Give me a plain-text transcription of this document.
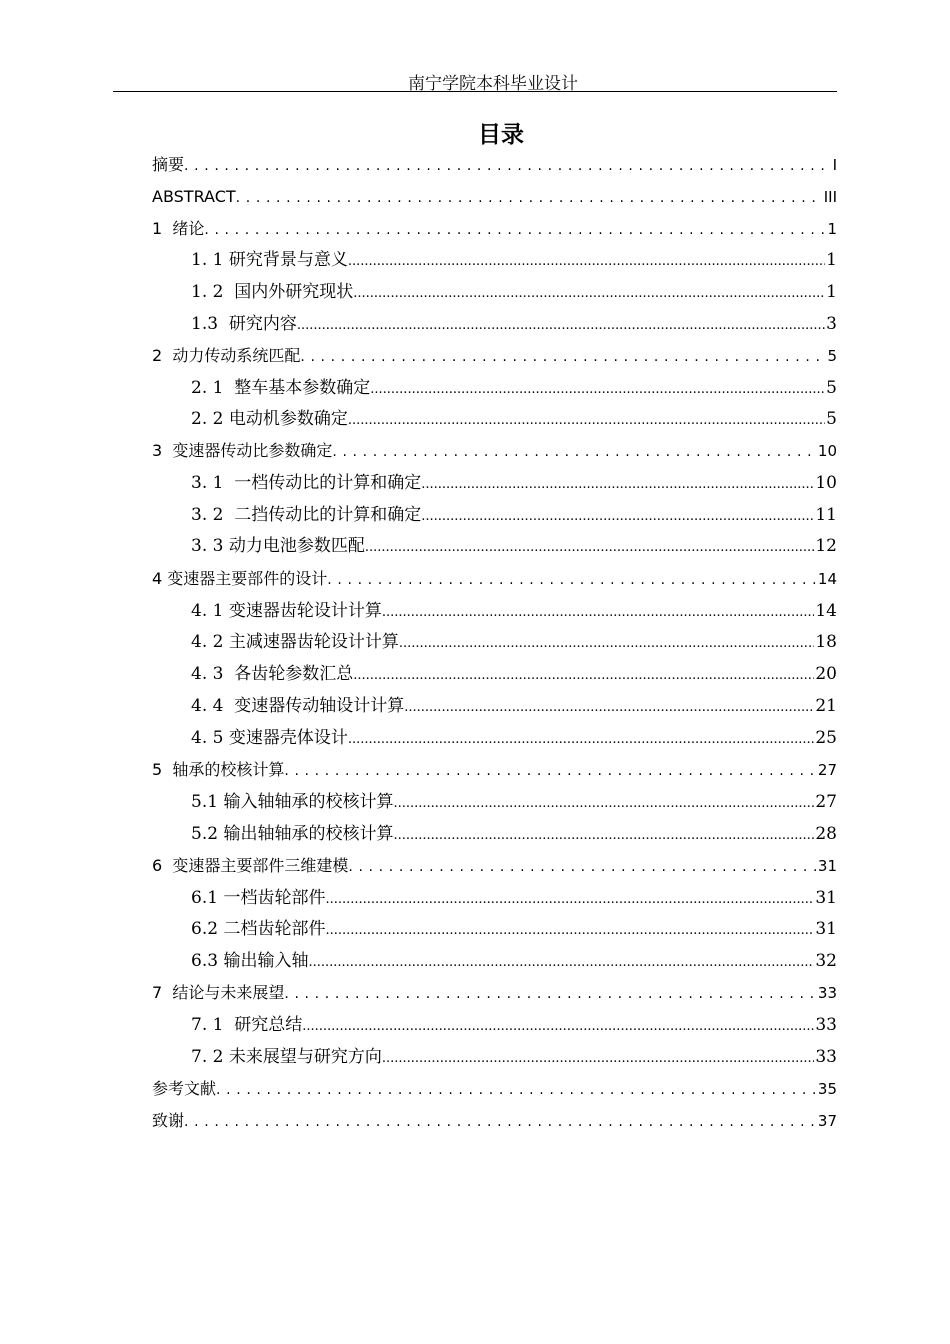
南宁学院本科毕业设计
目录
摘要 . . .	I
ABSTRACT . . .	III
1  绪论 . . .	1
1. 1 研究背景与意义 .....	1
1. 2  国内外研究现状 .....	1
1.3  研究内容 .....	3
2  动力传动系统匹配 . . .	5
2. 1  整车基本参数确定 .....	5
2. 2 电动机参数确定 .....	5
3  变速器传动比参数确定 . . .	10
3. 1  一档传动比的计算和确定 .....	10
3. 2  二挡传动比的计算和确定 .....	11
3. 3 动力电池参数匹配 .....	12
4 变速器主要部件的设计 . . .	14
4. 1 变速器齿轮设计计算 .....	14
4. 2 主减速器齿轮设计计算 .....	18
4. 3  各齿轮参数汇总 .....	20
4. 4  变速器传动轴设计计算 .....	21
4. 5 变速器壳体设计 .....	25
5  轴承的校核计算 . . .	27
5.1 输入轴轴承的校核计算 .....	27
5.2 输出轴轴承的校核计算 .....	28
6  变速器主要部件三维建模 . . .	31
6.1 一档齿轮部件 .....	31
6.2 二档齿轮部件 .....	31
6.3 输出输入轴 .....	32
7  结论与未来展望 . . .	33
7. 1  研究总结 .....	33
7. 2 未来展望与研究方向 .....	33
参考文献 . . .	35
致谢 . . .	37
